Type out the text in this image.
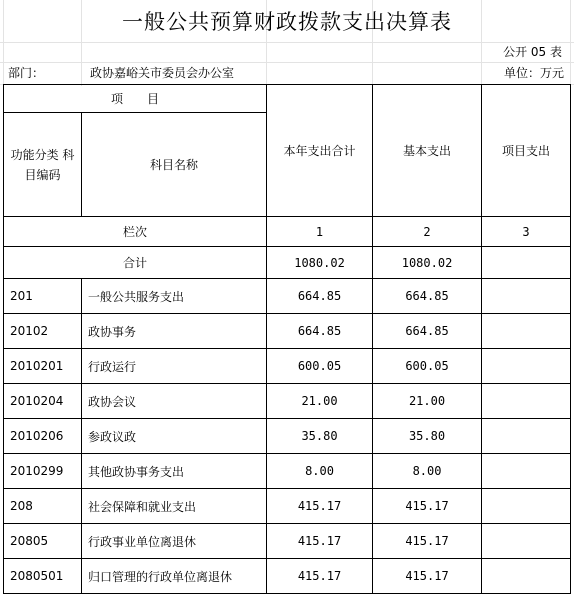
一般公共预算财政拨款支出决算表
公开 05 表
部门：	政协嘉峪关市委员会办公室	单位：万元
项　　目		本年支出合计	基本支出	项目支出
功能分类 科目编码	科目名称			
栏次		1	2	3
合计		1080.02	1080.02	
201	一般公共服务支出	664.85	664.85	
20102	政协事务	664.85	664.85	
2010201	行政运行	600.05	600.05	
2010204	政协会议	21.00	21.00	
2010206	参政议政	35.80	35.80	
2010299	其他政协事务支出	8.00	8.00	
208	社会保障和就业支出	415.17	415.17	
20805	行政事业单位离退休	415.17	415.17	
2080501	归口管理的行政单位离退休	415.17	415.17	
